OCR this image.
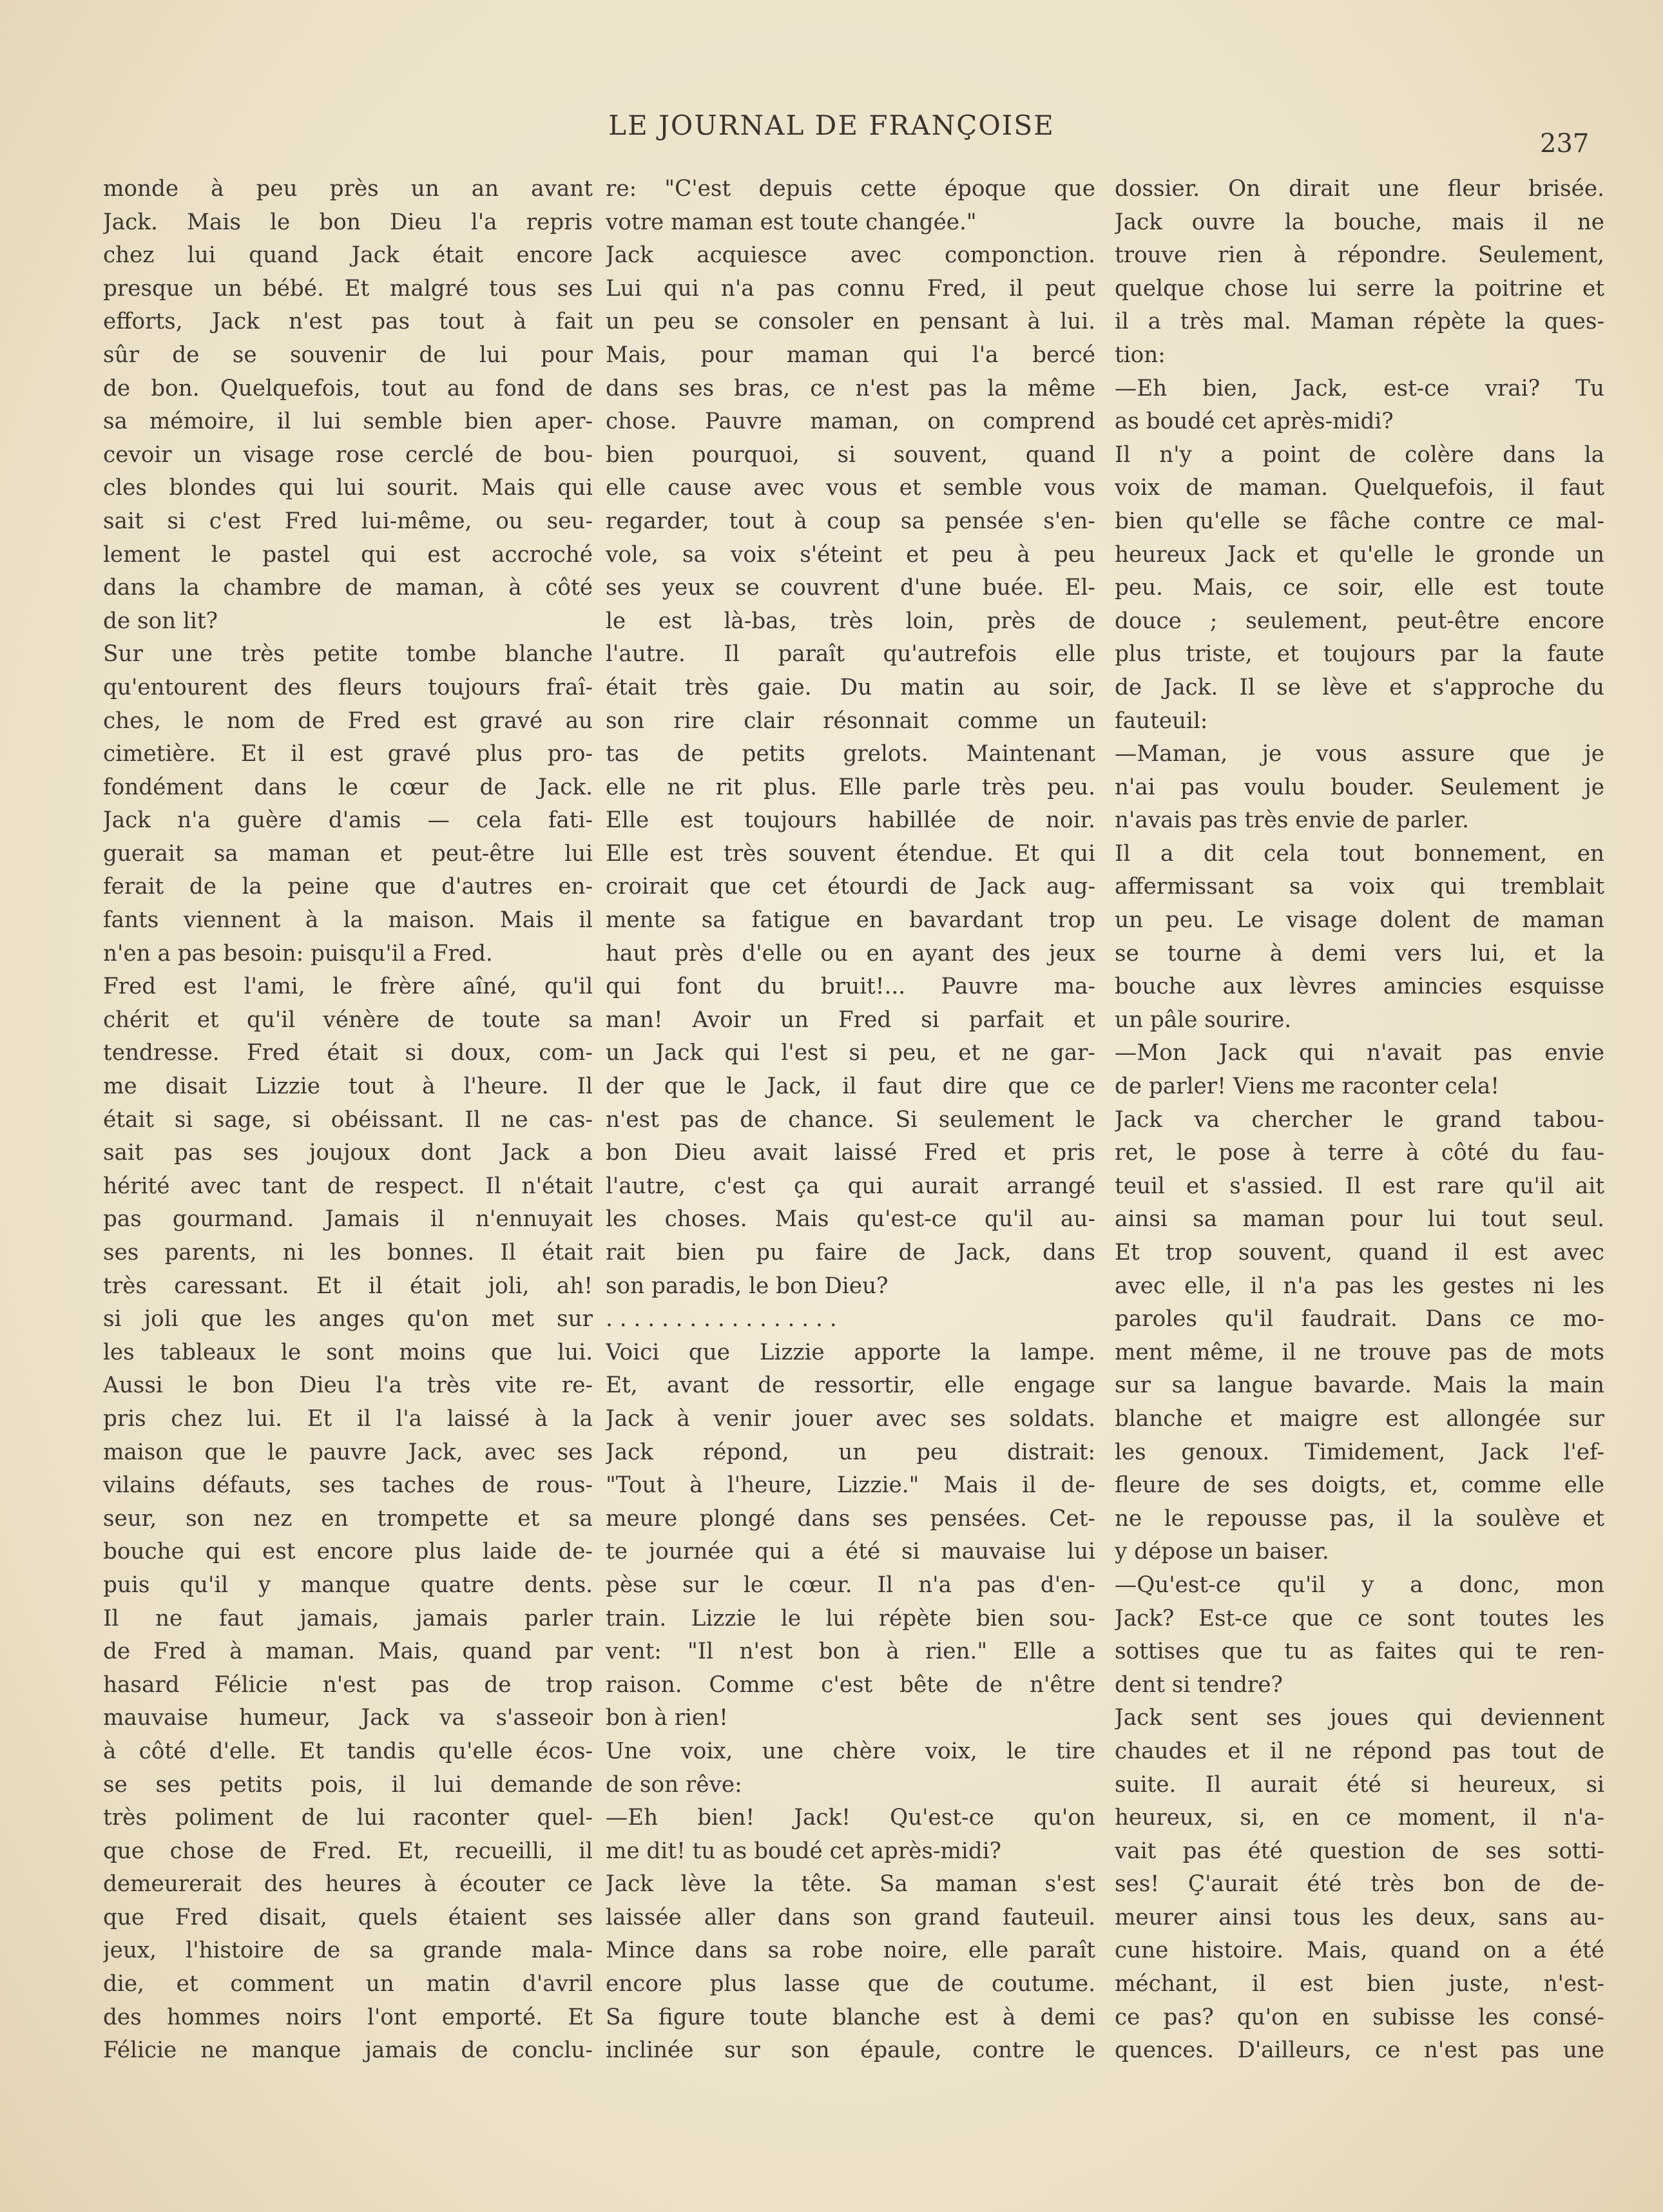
LE JOURNAL DE FRANÇOISE
237
monde à peu près un an avant
Jack. Mais le bon Dieu l'a repris
chez lui quand Jack était encore
presque un bébé. Et malgré tous ses
efforts, Jack n'est pas tout à fait
sûr de se souvenir de lui pour
de bon. Quelquefois, tout au fond de
sa mémoire, il lui semble bien aper-
cevoir un visage rose cerclé de bou-
cles blondes qui lui sourit. Mais qui
sait si c'est Fred lui-même, ou seu-
lement le pastel qui est accroché
dans la chambre de maman, à côté
de son lit?
Sur une très petite tombe blanche
qu'entourent des fleurs toujours fraî-
ches, le nom de Fred est gravé au
cimetière. Et il est gravé plus pro-
fondément dans le cœur de Jack.
Jack n'a guère d'amis — cela fati-
guerait sa maman et peut-être lui
ferait de la peine que d'autres en-
fants viennent à la maison. Mais il
n'en a pas besoin: puisqu'il a Fred.
Fred est l'ami, le frère aîné, qu'il
chérit et qu'il vénère de toute sa
tendresse. Fred était si doux, com-
me disait Lizzie tout à l'heure. Il
était si sage, si obéissant. Il ne cas-
sait pas ses joujoux dont Jack a
hérité avec tant de respect. Il n'était
pas gourmand. Jamais il n'ennuyait
ses parents, ni les bonnes. Il était
très caressant. Et il était joli, ah!
si joli que les anges qu'on met sur
les tableaux le sont moins que lui.
Aussi le bon Dieu l'a très vite re-
pris chez lui. Et il l'a laissé à la
maison que le pauvre Jack, avec ses
vilains défauts, ses taches de rous-
seur, son nez en trompette et sa
bouche qui est encore plus laide de-
puis qu'il y manque quatre dents.
Il ne faut jamais, jamais parler
de Fred à maman. Mais, quand par
hasard Félicie n'est pas de trop
mauvaise humeur, Jack va s'asseoir
à côté d'elle. Et tandis qu'elle écos-
se ses petits pois, il lui demande
très poliment de lui raconter quel-
que chose de Fred. Et, recueilli, il
demeurerait des heures à écouter ce
que Fred disait, quels étaient ses
jeux, l'histoire de sa grande mala-
die, et comment un matin d'avril
des hommes noirs l'ont emporté. Et
Félicie ne manque jamais de conclu-
re: "C'est depuis cette époque que
votre maman est toute changée."
Jack acquiesce avec componction.
Lui qui n'a pas connu Fred, il peut
un peu se consoler en pensant à lui.
Mais, pour maman qui l'a bercé
dans ses bras, ce n'est pas la même
chose. Pauvre maman, on comprend
bien pourquoi, si souvent, quand
elle cause avec vous et semble vous
regarder, tout à coup sa pensée s'en-
vole, sa voix s'éteint et peu à peu
ses yeux se couvrent d'une buée. El-
le est là-bas, très loin, près de
l'autre. Il paraît qu'autrefois elle
était très gaie. Du matin au soir,
son rire clair résonnait comme un
tas de petits grelots. Maintenant
elle ne rit plus. Elle parle très peu.
Elle est toujours habillée de noir.
Elle est très souvent étendue. Et qui
croirait que cet étourdi de Jack aug-
mente sa fatigue en bavardant trop
haut près d'elle ou en ayant des jeux
qui font du bruit!... Pauvre ma-
man! Avoir un Fred si parfait et
un Jack qui l'est si peu, et ne gar-
der que le Jack, il faut dire que ce
n'est pas de chance. Si seulement le
bon Dieu avait laissé Fred et pris
l'autre, c'est ça qui aurait arrangé
les choses. Mais qu'est-ce qu'il au-
rait bien pu faire de Jack, dans
son paradis, le bon Dieu?
. . . . . . . . . . . . . . . . .
Voici que Lizzie apporte la lampe.
Et, avant de ressortir, elle engage
Jack à venir jouer avec ses soldats.
Jack répond, un peu distrait:
"Tout à l'heure, Lizzie." Mais il de-
meure plongé dans ses pensées. Cet-
te journée qui a été si mauvaise lui
pèse sur le cœur. Il n'a pas d'en-
train. Lizzie le lui répète bien sou-
vent: "Il n'est bon à rien." Elle a
raison. Comme c'est bête de n'être
bon à rien!
Une voix, une chère voix, le tire
de son rêve:
—Eh bien! Jack! Qu'est-ce qu'on
me dit! tu as boudé cet après-midi?
Jack lève la tête. Sa maman s'est
laissée aller dans son grand fauteuil.
Mince dans sa robe noire, elle paraît
encore plus lasse que de coutume.
Sa figure toute blanche est à demi
inclinée sur son épaule, contre le
dossier. On dirait une fleur brisée.
Jack ouvre la bouche, mais il ne
trouve rien à répondre. Seulement,
quelque chose lui serre la poitrine et
il a très mal. Maman répète la ques-
tion:
—Eh bien, Jack, est-ce vrai? Tu
as boudé cet après-midi?
Il n'y a point de colère dans la
voix de maman. Quelquefois, il faut
bien qu'elle se fâche contre ce mal-
heureux Jack et qu'elle le gronde un
peu. Mais, ce soir, elle est toute
douce ; seulement, peut-être encore
plus triste, et toujours par la faute
de Jack. Il se lève et s'approche du
fauteuil:
—Maman, je vous assure que je
n'ai pas voulu bouder. Seulement je
n'avais pas très envie de parler.
Il a dit cela tout bonnement, en
affermissant sa voix qui tremblait
un peu. Le visage dolent de maman
se tourne à demi vers lui, et la
bouche aux lèvres amincies esquisse
un pâle sourire.
—Mon Jack qui n'avait pas envie
de parler! Viens me raconter cela!
Jack va chercher le grand tabou-
ret, le pose à terre à côté du fau-
teuil et s'assied. Il est rare qu'il ait
ainsi sa maman pour lui tout seul.
Et trop souvent, quand il est avec
avec elle, il n'a pas les gestes ni les
paroles qu'il faudrait. Dans ce mo-
ment même, il ne trouve pas de mots
sur sa langue bavarde. Mais la main
blanche et maigre est allongée sur
les genoux. Timidement, Jack l'ef-
fleure de ses doigts, et, comme elle
ne le repousse pas, il la soulève et
y dépose un baiser.
—Qu'est-ce qu'il y a donc, mon
Jack? Est-ce que ce sont toutes les
sottises que tu as faites qui te ren-
dent si tendre?
Jack sent ses joues qui deviennent
chaudes et il ne répond pas tout de
suite. Il aurait été si heureux, si
heureux, si, en ce moment, il n'a-
vait pas été question de ses sotti-
ses! Ç'aurait été très bon de de-
meurer ainsi tous les deux, sans au-
cune histoire. Mais, quand on a été
méchant, il est bien juste, n'est-
ce pas? qu'on en subisse les consé-
quences. D'ailleurs, ce n'est pas une
